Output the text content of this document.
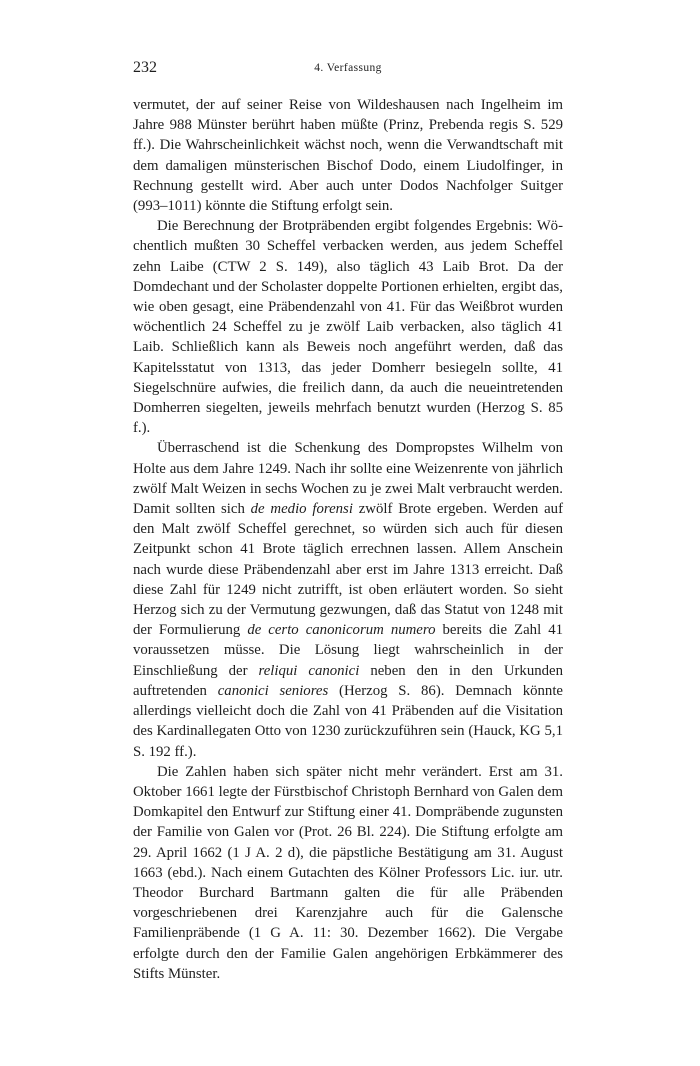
232	4. Verfassung

vermutet, der auf seiner Reise von Wildeshausen nach Ingelheim im Jahre 988 Münster berührt haben müßte (Prinz, Prebenda regis S. 529 ff.). Die Wahrscheinlichkeit wächst noch, wenn die Verwandtschaft mit dem damaligen münsterischen Bischof Dodo, einem Liudolfinger, in Rechnung gestellt wird. Aber auch unter Dodos Nachfolger Suitger (993–1011) könnte die Stiftung erfolgt sein.

Die Berechnung der Brotpräbenden ergibt folgendes Ergebnis: Wöchentlich mußten 30 Scheffel verbacken werden, aus jedem Scheffel zehn Laibe (CTW 2 S. 149), also täglich 43 Laib Brot. Da der Domdechant und der Scholaster doppelte Portionen erhielten, ergibt das, wie oben gesagt, eine Präbendenzahl von 41. Für das Weißbrot wurden wöchentlich 24 Scheffel zu je zwölf Laib verbacken, also täglich 41 Laib. Schließlich kann als Beweis noch angeführt werden, daß das Kapitelsstatut von 1313, das jeder Domherr besiegeln sollte, 41 Siegelschnüre aufwies, die freilich dann, da auch die neueintretenden Domherren siegelten, jeweils mehrfach benutzt wurden (Herzog S. 85 f.).

Überraschend ist die Schenkung des Dompropstes Wilhelm von Holte aus dem Jahre 1249. Nach ihr sollte eine Weizenrente von jährlich zwölf Malt Weizen in sechs Wochen zu je zwei Malt verbraucht werden. Damit sollten sich de medio forensi zwölf Brote ergeben. Werden auf den Malt zwölf Scheffel gerechnet, so würden sich auch für diesen Zeitpunkt schon 41 Brote täglich errechnen lassen. Allem Anschein nach wurde diese Präbendenzahl aber erst im Jahre 1313 erreicht. Daß diese Zahl für 1249 nicht zutrifft, ist oben erläutert worden. So sieht Herzog sich zu der Vermutung gezwungen, daß das Statut von 1248 mit der Formulierung de certo canonicorum numero bereits die Zahl 41 voraussetzen müsse. Die Lösung liegt wahrscheinlich in der Einschließung der reliqui canonici neben den in den Urkunden auftretenden canonici seniores (Herzog S. 86). Demnach könnte allerdings vielleicht doch die Zahl von 41 Präbenden auf die Visitation des Kardinallegaten Otto von 1230 zurückzuführen sein (Hauck, KG 5,1 S. 192 ff.).

Die Zahlen haben sich später nicht mehr verändert. Erst am 31. Oktober 1661 legte der Fürstbischof Christoph Bernhard von Galen dem Domkapitel den Entwurf zur Stiftung einer 41. Dompräbende zugunsten der Familie von Galen vor (Prot. 26 Bl. 224). Die Stiftung erfolgte am 29. April 1662 (1 J A. 2 d), die päpstliche Bestätigung am 31. August 1663 (ebd.). Nach einem Gutachten des Kölner Professors Lic. iur. utr. Theodor Burchard Bartmann galten die für alle Präbenden vorgeschriebenen drei Karenzjahre auch für die Galensche Familienpräbende (1 G A. 11: 30. Dezember 1662). Die Vergabe erfolgte durch den der Familie Galen angehörigen Erbkämmerer des Stifts Münster.
